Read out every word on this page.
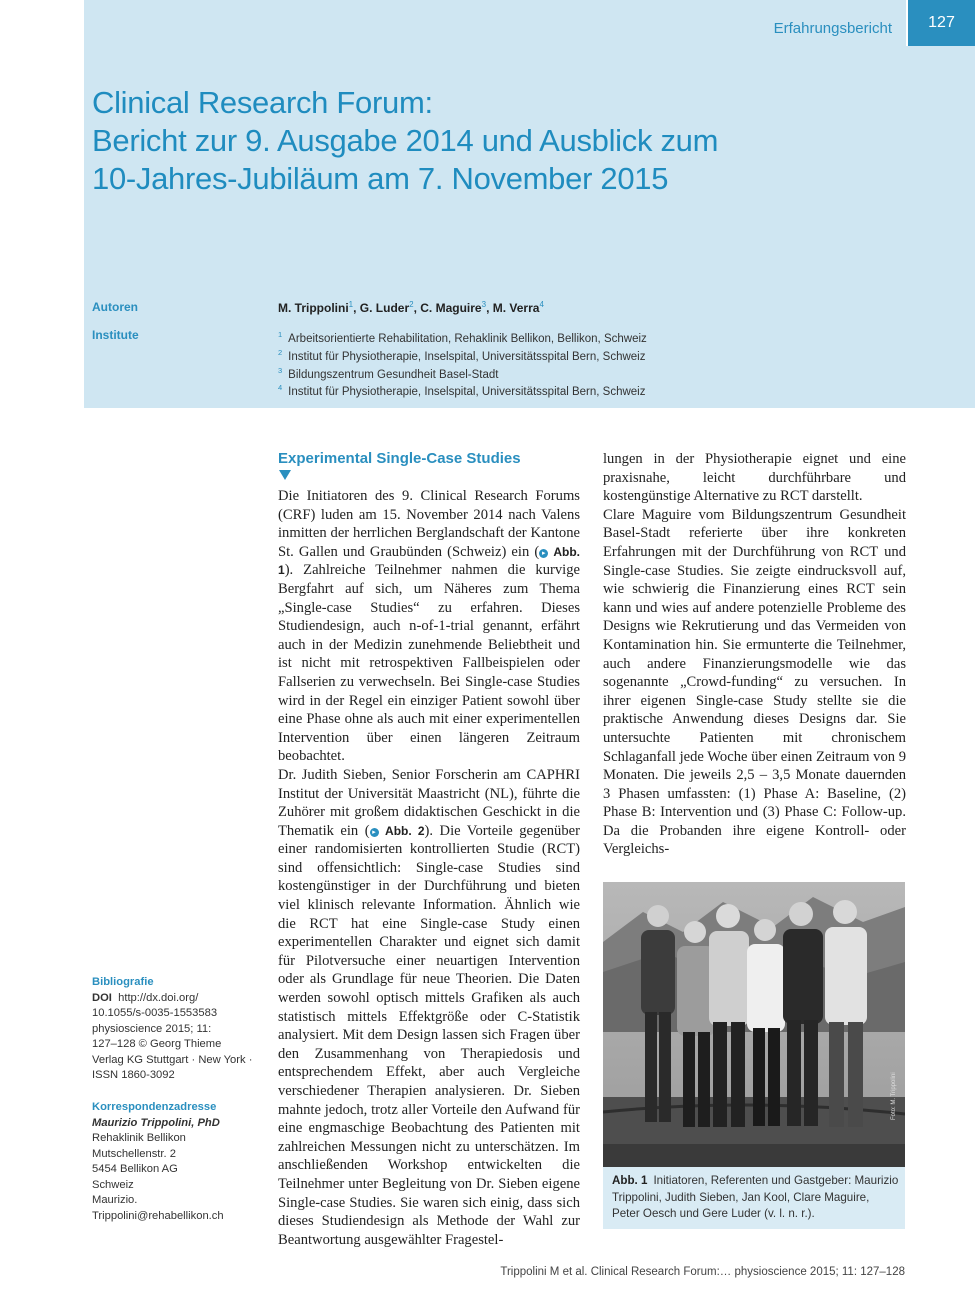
Erfahrungsbericht	127
Clinical Research Forum:
Bericht zur 9. Ausgabe 2014 und Ausblick zum
10-Jahres-Jubiläum am 7. November 2015
Autoren
Institute
M. Trippolini$^1$, G. Luder$^2$, C. Maguire$^3$, M. Verra$^4$
$^1$ Arbeitsorientierte Rehabilitation, Rehaklinik Bellikon, Bellikon, Schweiz
$^2$ Institut für Physiotherapie, Inselspital, Universitätsspital Bern, Schweiz
$^3$ Bildungszentrum Gesundheit Basel-Stadt
$^4$ Institut für Physiotherapie, Inselspital, Universitätsspital Bern, Schweiz
Experimental Single-Case Studies

Die Initiatoren des 9. Clinical Research Forums (CRF) luden am 15. November 2014 nach Valens inmitten der herrlichen Berglandschaft der Kantone St. Gallen und Graubünden (Schweiz) ein ( ▸ Abb. 1). Zahlreiche Teilnehmer nahmen die kurvige Bergfahrt auf sich, um Näheres zum Thema „Single-case Studies“ zu erfahren. Dieses Studiendesign, auch n-of-1-trial genannt, erfährt auch in der Medizin zunehmende Beliebtheit und ist nicht mit retrospektiven Fallbeispielen oder Fallserien zu verwechseln. Bei Single-case Studies wird in der Regel ein einziger Patient sowohl über eine Phase ohne als auch mit einer experimentellen Intervention über einen längeren Zeitraum beobachtet.

Dr. Judith Sieben, Senior Forscherin am CAPHRI Institut der Universität Maastricht (NL), führte die Zuhörer mit großem didaktischen Geschickt in die Thematik ein ( ▸ Abb. 2). Die Vorteile gegenüber einer randomisierten kontrollierten Studie (RCT) sind offensichtlich: Single-case Studies sind kostengünstiger in der Durchführung und bieten viel klinisch relevante Information. Ähnlich wie die RCT hat eine Single-case Study einen experimentellen Charakter und eignet sich damit für Pilotversuche einer neuartigen Intervention oder als Grundlage für neue Theorien. Die Daten werden sowohl optisch mittels Grafiken als auch statistisch mittels Effektgröße oder C-Statistik analysiert. Mit dem Design lassen sich Fragen über den Zusammenhang von Therapiedosis und entsprechendem Effekt, aber auch Vergleiche verschiedener Therapien analysieren. Dr. Sieben mahnte jedoch, trotz aller Vorteile den Aufwand für eine engmaschige Beobachtung des Patienten mit zahlreichen Messungen nicht zu unterschätzen. Im anschließenden Workshop entwickelten die Teilnehmer unter Begleitung von Dr. Sieben eigene Single-case Studies. Sie waren sich einig, dass sich dieses Studiendesign als Methode der Wahl zur Beantwortung ausgewählter Fragestel-

lungen in der Physiotherapie eignet und eine praxisnahe, leicht durchführbare und kostengünstige Alternative zu RCT darstellt.

Clare Maguire vom Bildungszentrum Gesundheit Basel-Stadt referierte über ihre konkreten Erfahrungen mit der Durchführung von RCT und Single-case Studies. Sie zeigte eindrucksvoll auf, wie schwierig die Finanzierung eines RCT sein kann und wies auf andere potenzielle Probleme des Designs wie Rekrutierung und das Vermeiden von Kontamination hin. Sie ermunterte die Teilnehmer, auch andere Finanzierungsmodelle wie das sogenannte „Crowd-funding“ zu versuchen. In ihrer eigenen Single-case Study stellte sie die praktische Anwendung dieses Designs dar. Sie untersuchte Patienten mit chronischem Schlaganfall jede Woche über einen Zeitraum von 9 Monaten. Die jeweils 2,5 – 3,5 Monate dauernden 3 Phasen umfassten: (1) Phase A: Baseline, (2) Phase B: Intervention und (3) Phase C: Follow-up. Da die Probanden ihre eigene Kontroll- oder Vergleichs-

Bibliografie
DOI http://dx.doi.org/
10.1055/s-0035-1553583
physioscience 2015; 11:
127–128 © Georg Thieme
Verlag KG Stuttgart · New York ·
ISSN 1860-3092
Korrespondenzadresse
Maurizio Trippolini, PhD
Rehaklinik Bellikon
Mutschellenstr. 2
5454 Bellikon AG
Schweiz
Maurizio.
Trippolini@rehabellikon.ch
Foto: M. Trippolini
Abb. 1 Initiatoren, Referenten und Gastgeber: Maurizio Trippolini, Judith Sieben, Jan Kool, Clare Maguire, Peter Oesch und Gere Luder (v. l. n. r.).
Trippolini M et al. Clinical Research Forum:… physioscience 2015; 11: 127–128
